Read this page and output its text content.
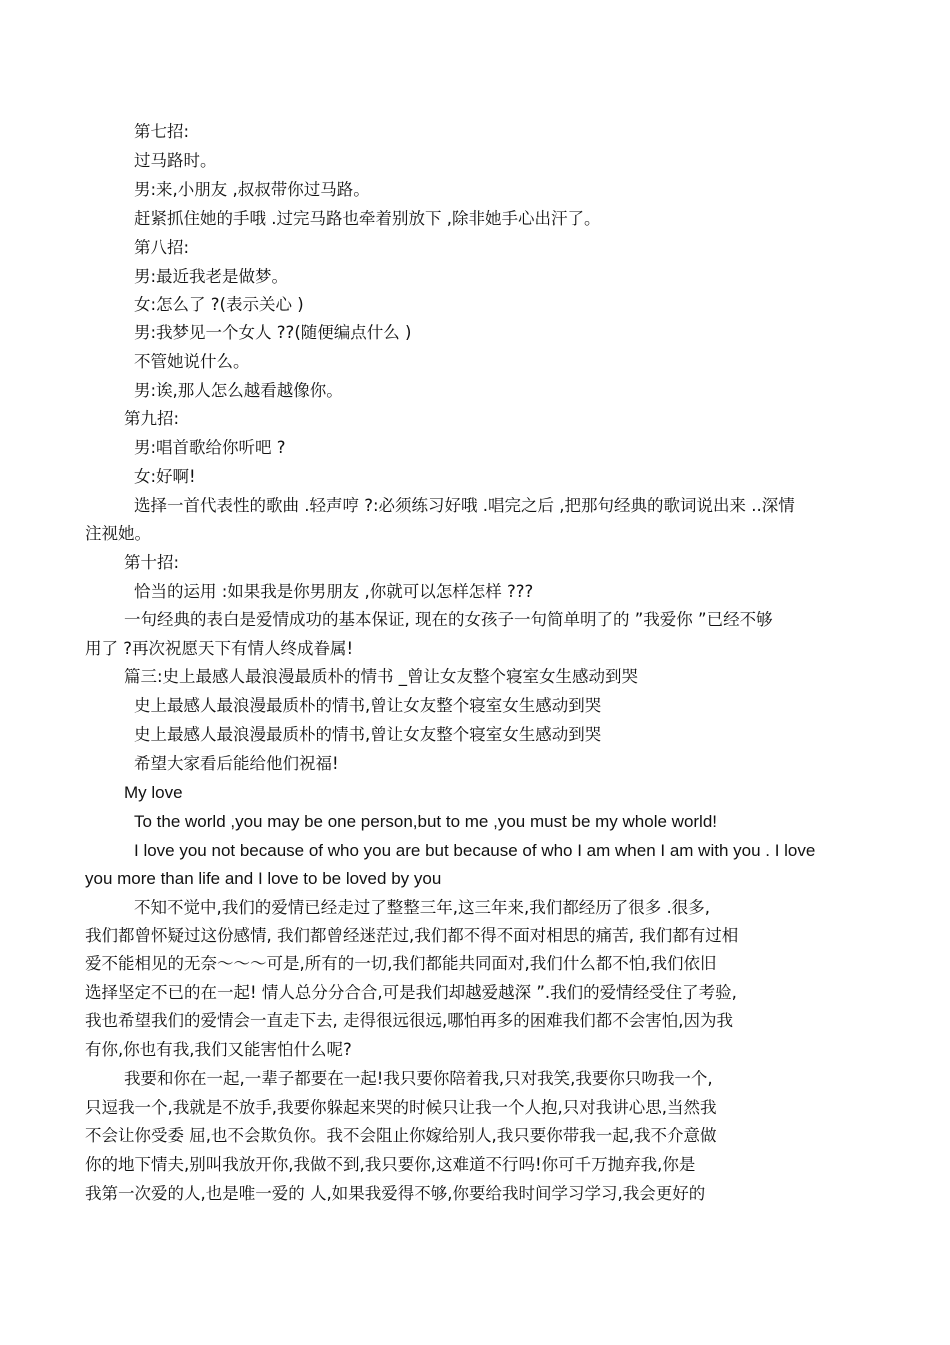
第七招:
过马路时。
男:来,小朋友 ,叔叔带你过马路。
赶紧抓住她的手哦 .过完马路也牵着别放下 ,除非她手心出汗了。
第八招:
男:最近我老是做梦。
女:怎么了 ?(表示关心 )
男:我梦见一个女人 ??(随便编点什么 )
不管她说什么。
男:诶,那人怎么越看越像你。
第九招:
男:唱首歌给你听吧 ?
女:好啊!
选择一首代表性的歌曲 .轻声哼 ?:必须练习好哦 .唱完之后 ,把那句经典的歌词说出来 ..深情
注视她。
第十招:
恰当的运用 :如果我是你男朋友 ,你就可以怎样怎样 ???
一句经典的表白是爱情成功的基本保证, 现在的女孩子一句简单明了的 ”我爱你 ”已经不够
用了 ?再次祝愿天下有情人终成眷属!
篇三:史上最感人最浪漫最质朴的情书 _曾让女友整个寝室女生感动到哭
史上最感人最浪漫最质朴的情书,曾让女友整个寝室女生感动到哭
史上最感人最浪漫最质朴的情书,曾让女友整个寝室女生感动到哭
希望大家看后能给他们祝福!
My love
To the world ,you may be one person,but to me ,you must be my whole world!
I love you not because of who you are but because of who I am when I am with you . I love
you more than life and I love to be loved by you
不知不觉中,我们的爱情已经走过了整整三年,这三年来,我们都经历了很多 .很多,
我们都曾怀疑过这份感情, 我们都曾经迷茫过,我们都不得不面对相思的痛苦, 我们都有过相
爱不能相见的无奈～～～可是,所有的一切,我们都能共同面对,我们什么都不怕,我们依旧
选择坚定不已的在一起! 情人总分分合合,可是我们却越爱越深 ”.我们的爱情经受住了考验,
我也希望我们的爱情会一直走下去, 走得很远很远,哪怕再多的困难我们都不会害怕,因为我
有你,你也有我,我们又能害怕什么呢?
我要和你在一起,一辈子都要在一起!我只要你陪着我,只对我笑,我要你只吻我一个,
只逗我一个,我就是不放手,我要你躲起来哭的时候只让我一个人抱,只对我讲心思,当然我
不会让你受委 屈,也不会欺负你。我不会阻止你嫁给别人,我只要你带我一起,我不介意做
你的地下情夫,别叫我放开你,我做不到,我只要你,这难道不行吗!你可千万抛弃我,你是
我第一次爱的人,也是唯一爱的 人,如果我爱得不够,你要给我时间学习学习,我会更好的
